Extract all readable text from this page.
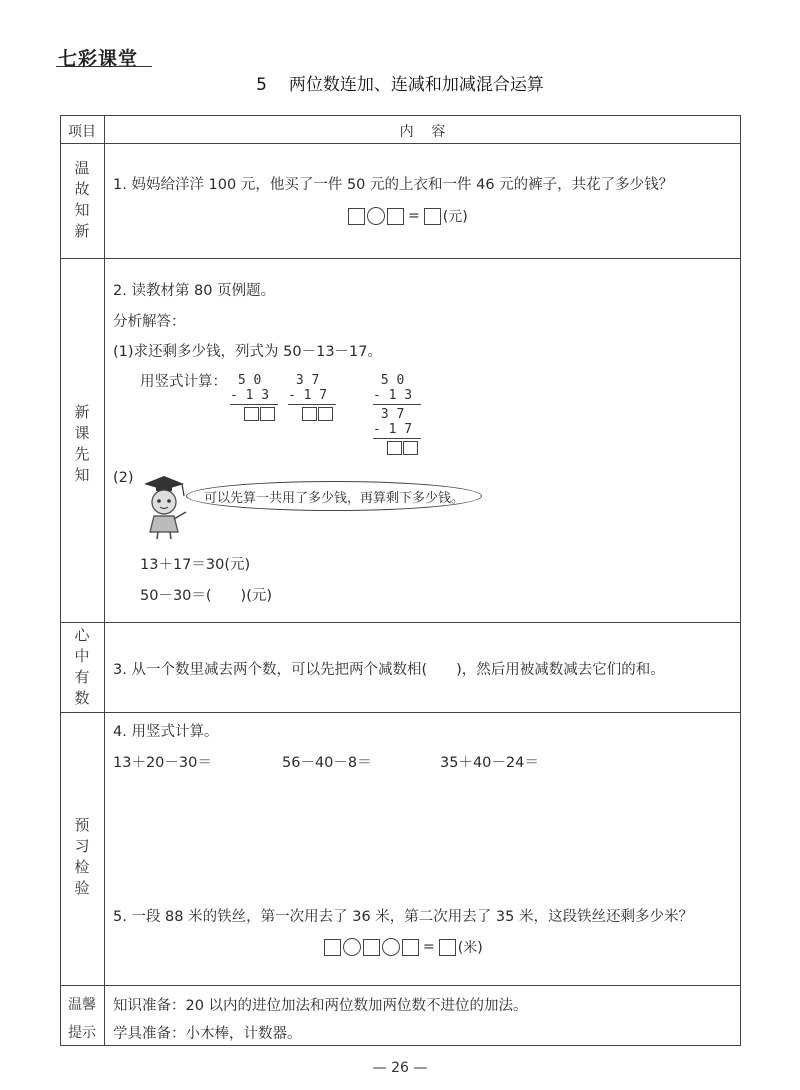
七彩课堂
5 两位数连加、连减和加减混合运算
项目	内    容
温
故
知
新
1. 妈妈给洋洋 100 元，他买了一件 50 元的上衣和一件 46 元的裤子，共花了多少钱？
= (元)
新
课
先
知
2. 读教材第 80 页例题。
分析解答：
(1)求还剩多少钱，列式为 50－13－17。
用竖式计算： 5 0
- 1 3
3 7
- 1 7
5 0
- 1 3
3 7
- 1 7
(2)
可以先算一共用了多少钱，再算剩下多少钱。
13＋17＝30(元)
50－30＝(　　)(元)
心
中
有
数
3. 从一个数里减去两个数，可以先把两个减数相(　　)，然后用被减数减去它们的和。
预
习
检
验
4. 用竖式计算。
13＋20－30＝	56－40－8＝	35＋40－24＝
5. 一段 88 米的铁丝，第一次用去了 36 米，第二次用去了 35 米，这段铁丝还剩多少米？
= (米)
温馨
提示
知识准备：20 以内的进位加法和两位数加两位数不进位的加法。
学具准备：小木棒，计数器。
— 26 —
